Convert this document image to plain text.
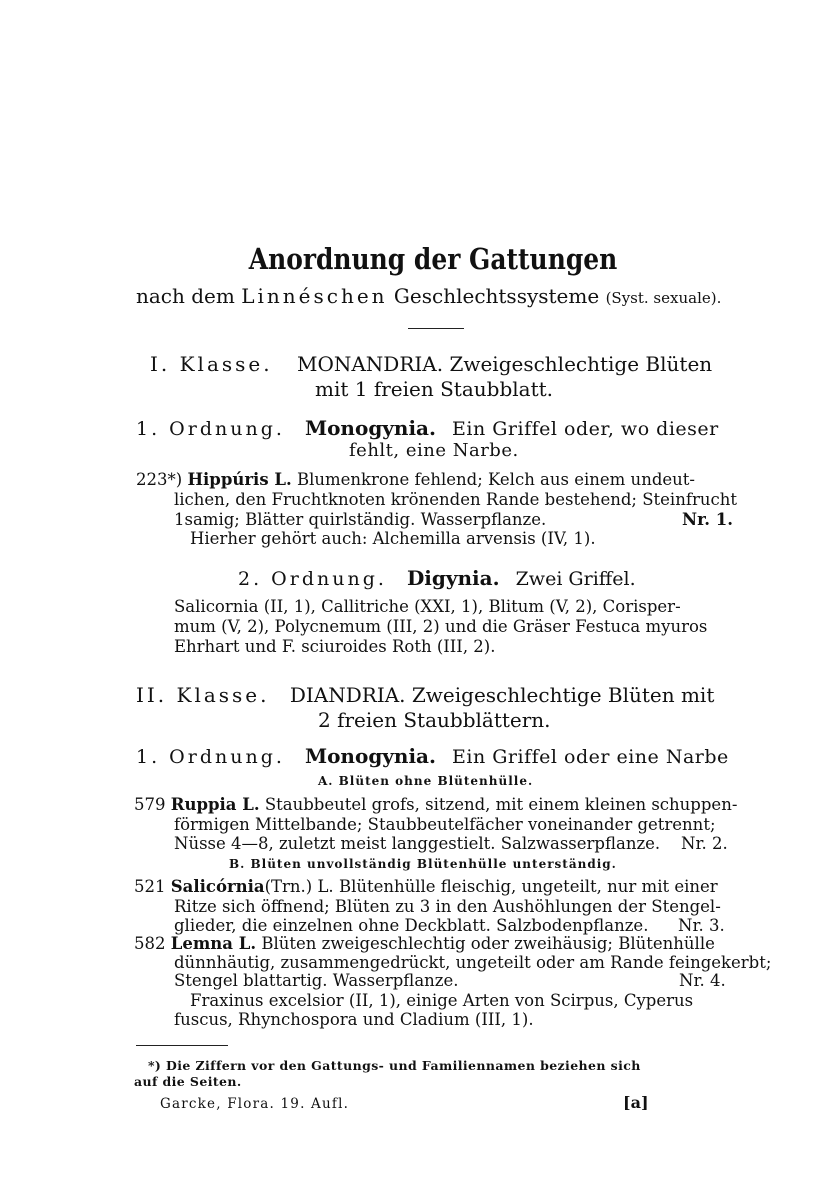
Anordnung der Gattungen
nach dem Linnéschen Geschlechtssysteme (Syst. sexuale).
I. Klasse. MONANDRIA. Zweigeschlechtige Blüten
mit 1 freien Staubblatt.
1. Ordnung. Monogynia. Ein Griffel oder, wo dieser
fehlt, eine Narbe.
223*) Hippúris L. Blumenkrone fehlend; Kelch aus einem undeut-
lichen, den Fruchtknoten krönenden Rande bestehend; Steinfrucht
1samig; Blätter quirlständig. Wasserpflanze.	Nr. 1.
Hierher gehört auch: Alchemilla arvensis (IV, 1).
2. Ordnung. Digynia. Zwei Griffel.
Salicornia (II, 1), Callitriche (XXI, 1), Blitum (V, 2), Corisper-
mum (V, 2), Polycnemum (III, 2) und die Gräser Festuca myuros
Ehrhart und F. sciuroides Roth (III, 2).
II. Klasse. DIANDRIA. Zweigeschlechtige Blüten mit
2 freien Staubblättern.
1. Ordnung. Monogynia. Ein Griffel oder eine Narbe
A. Blüten ohne Blütenhülle.
579 Ruppia L. Staubbeutel grofs, sitzend, mit einem kleinen schuppen-
förmigen Mittelbande; Staubbeutelfächer voneinander getrennt;
Nüsse 4—8, zuletzt meist langgestielt. Salzwasserpflanze. Nr. 2.
B. Blüten unvollständig Blütenhülle unterständig.
521 Salicórnia(Trn.) L. Blütenhülle fleischig, ungeteilt, nur mit einer
Ritze sich öffnend; Blüten zu 3 in den Aushöhlungen der Stengel-
glieder, die einzelnen ohne Deckblatt. Salzbodenpflanze. Nr. 3.
582 Lemna L. Blüten zweigeschlechtig oder zweihäusig; Blütenhülle
dünnhäutig, zusammengedrückt, ungeteilt oder am Rande feingekerbt;
Stengel blattartig. Wasserpflanze.	Nr. 4.
Fraxinus excelsior (II, 1), einige Arten von Scirpus, Cyperus
fuscus, Rhynchospora und Cladium (III, 1).
*) Die Ziffern vor den Gattungs- und Familiennamen beziehen sich
auf die Seiten.
Garcke, Flora. 19. Aufl.	[a]
